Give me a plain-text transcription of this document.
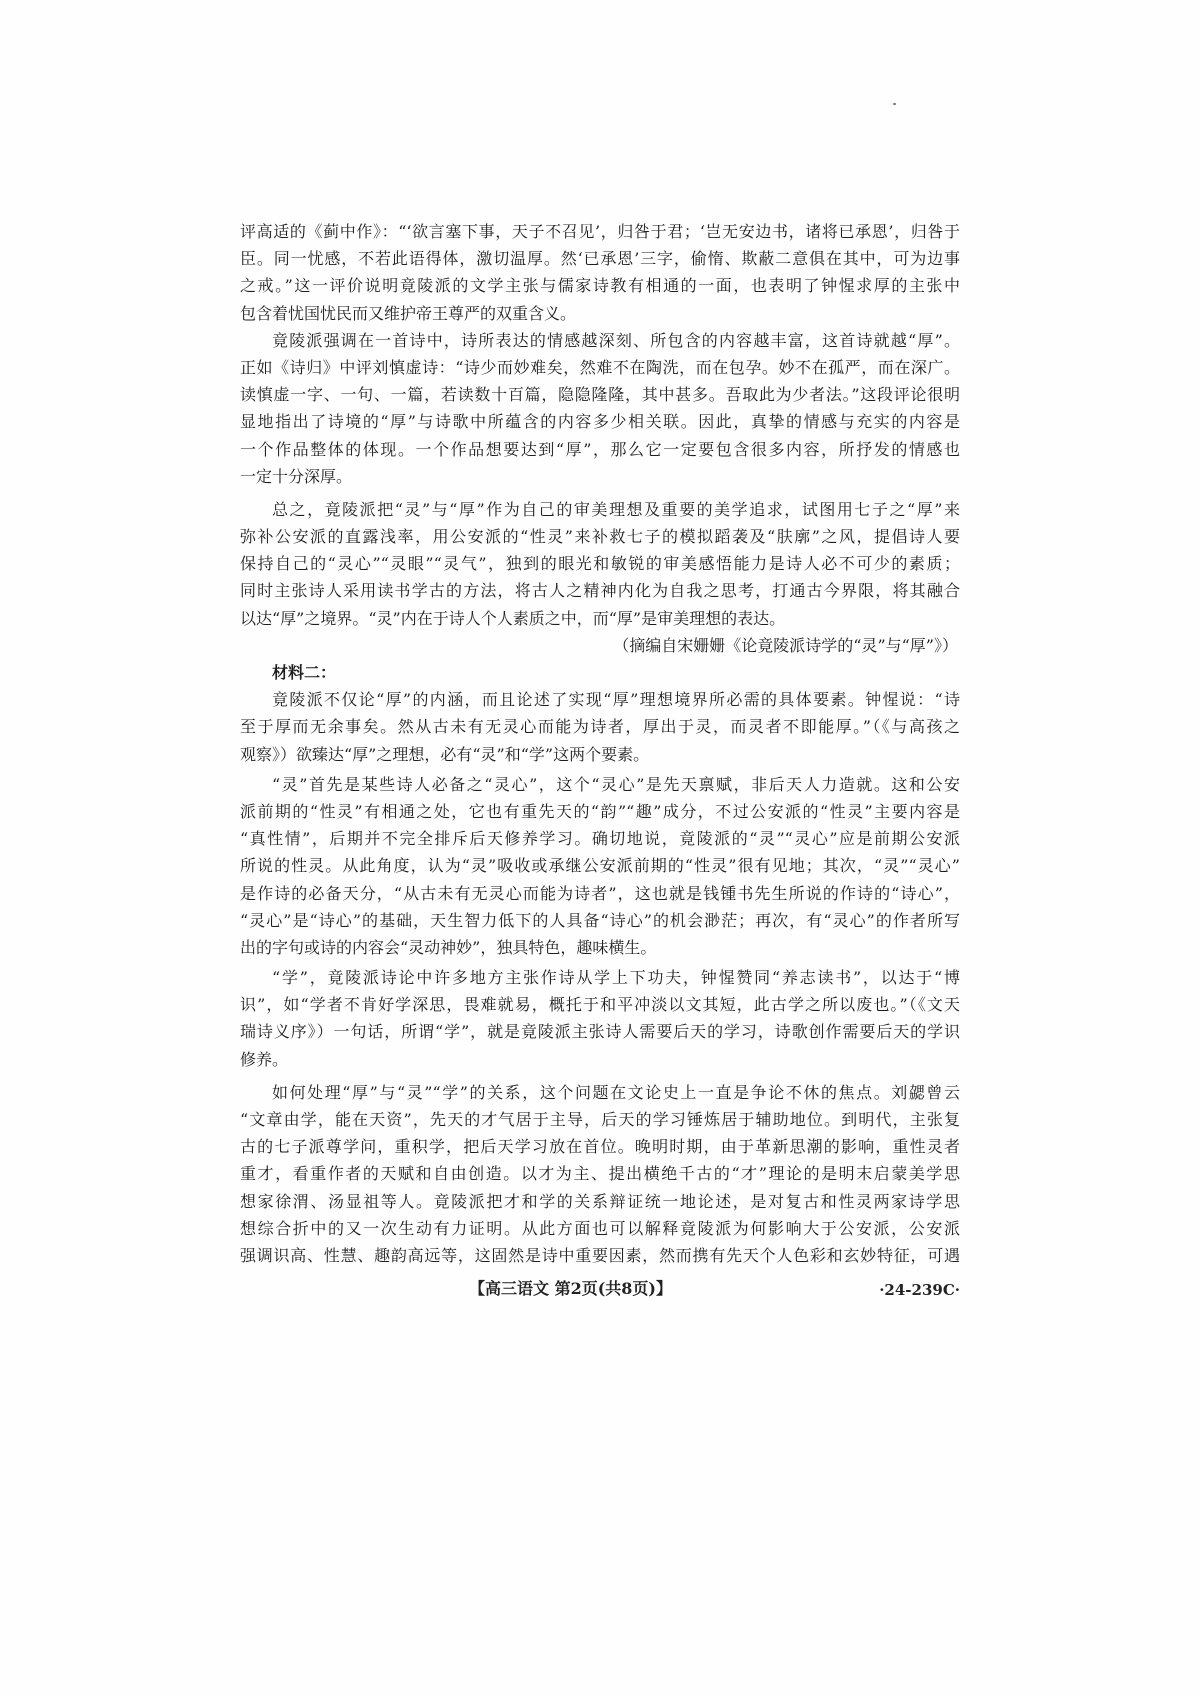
评高适的《蓟中作》：“‘欲言塞下事，天子不召见’，归咎于君；‘岂无安边书，诸将已承恩’，归咎于
臣。同一忧感，不若此语得体，激切温厚。然‘已承恩’三字，偷惰、欺蔽二意俱在其中，可为边事
之戒。”这一评价说明竟陵派的文学主张与儒家诗教有相通的一面，也表明了钟惺求厚的主张中
包含着忧国忧民而又维护帝王尊严的双重含义。
竟陵派强调在一首诗中，诗所表达的情感越深刻、所包含的内容越丰富，这首诗就越“厚”。
正如《诗归》中评刘慎虚诗：“诗少而妙难矣，然难不在陶洗，而在包孕。妙不在孤严，而在深广。
读慎虚一字、一句、一篇，若读数十百篇，隐隐隆隆，其中甚多。吾取此为少者法。”这段评论很明
显地指出了诗境的“厚”与诗歌中所蕴含的内容多少相关联。因此，真挚的情感与充实的内容是
一个作品整体的体现。一个作品想要达到“厚”，那么它一定要包含很多内容，所抒发的情感也
一定十分深厚。
总之，竟陵派把“灵”与“厚”作为自己的审美理想及重要的美学追求，试图用七子之“厚”来
弥补公安派的直露浅率，用公安派的“性灵”来补救七子的模拟蹈袭及“肤廓”之风，提倡诗人要
保持自己的“灵心”“灵眼”“灵气”，独到的眼光和敏锐的审美感悟能力是诗人必不可少的素质；
同时主张诗人采用读书学古的方法，将古人之精神内化为自我之思考，打通古今界限，将其融合
以达“厚”之境界。“灵”内在于诗人个人素质之中，而“厚”是审美理想的表达。
（摘编自宋姗姗《论竟陵派诗学的“灵”与“厚”》）
材料二：
竟陵派不仅论“厚”的内涵，而且论述了实现“厚”理想境界所必需的具体要素。钟惺说：“诗
至于厚而无余事矣。然从古未有无灵心而能为诗者，厚出于灵，而灵者不即能厚。”（《与高孩之
观察》）欲臻达“厚”之理想，必有“灵”和“学”这两个要素。
“灵”首先是某些诗人必备之“灵心”，这个“灵心”是先天禀赋，非后天人力造就。这和公安
派前期的“性灵”有相通之处，它也有重先天的“韵”“趣”成分，不过公安派的“性灵”主要内容是
“真性情”，后期并不完全排斥后天修养学习。确切地说，竟陵派的“灵”“灵心”应是前期公安派
所说的性灵。从此角度，认为“灵”吸收或承继公安派前期的“性灵”很有见地；其次，“灵”“灵心”
是作诗的必备天分，“从古未有无灵心而能为诗者”，这也就是钱锺书先生所说的作诗的“诗心”，
“灵心”是“诗心”的基础，天生智力低下的人具备“诗心”的机会渺茫；再次，有“灵心”的作者所写
出的字句或诗的内容会“灵动神妙”，独具特色，趣味横生。
“学”，竟陵派诗论中许多地方主张作诗从学上下功夫，钟惺赞同“养志读书”，以达于“博
识”，如“学者不肯好学深思，畏难就易，概托于和平冲淡以文其短，此古学之所以废也。”（《文天
瑞诗义序》）一句话，所谓“学”，就是竟陵派主张诗人需要后天的学习，诗歌创作需要后天的学识
修养。
如何处理“厚”与“灵”“学”的关系，这个问题在文论史上一直是争论不休的焦点。刘勰曾云
“文章由学，能在天资”，先天的才气居于主导，后天的学习锤炼居于辅助地位。到明代，主张复
古的七子派尊学问，重积学，把后天学习放在首位。晚明时期，由于革新思潮的影响，重性灵者
重才，看重作者的天赋和自由创造。以才为主、提出横绝千古的“才”理论的是明末启蒙美学思
想家徐渭、汤显祖等人。竟陵派把才和学的关系辩证统一地论述，是对复古和性灵两家诗学思
想综合折中的又一次生动有力证明。从此方面也可以解释竟陵派为何影响大于公安派，公安派
强调识高、性慧、趣韵高远等，这固然是诗中重要因素，然而携有先天个人色彩和玄妙特征，可遇
【高三语文 第2页(共8页)】	·24-239C·
